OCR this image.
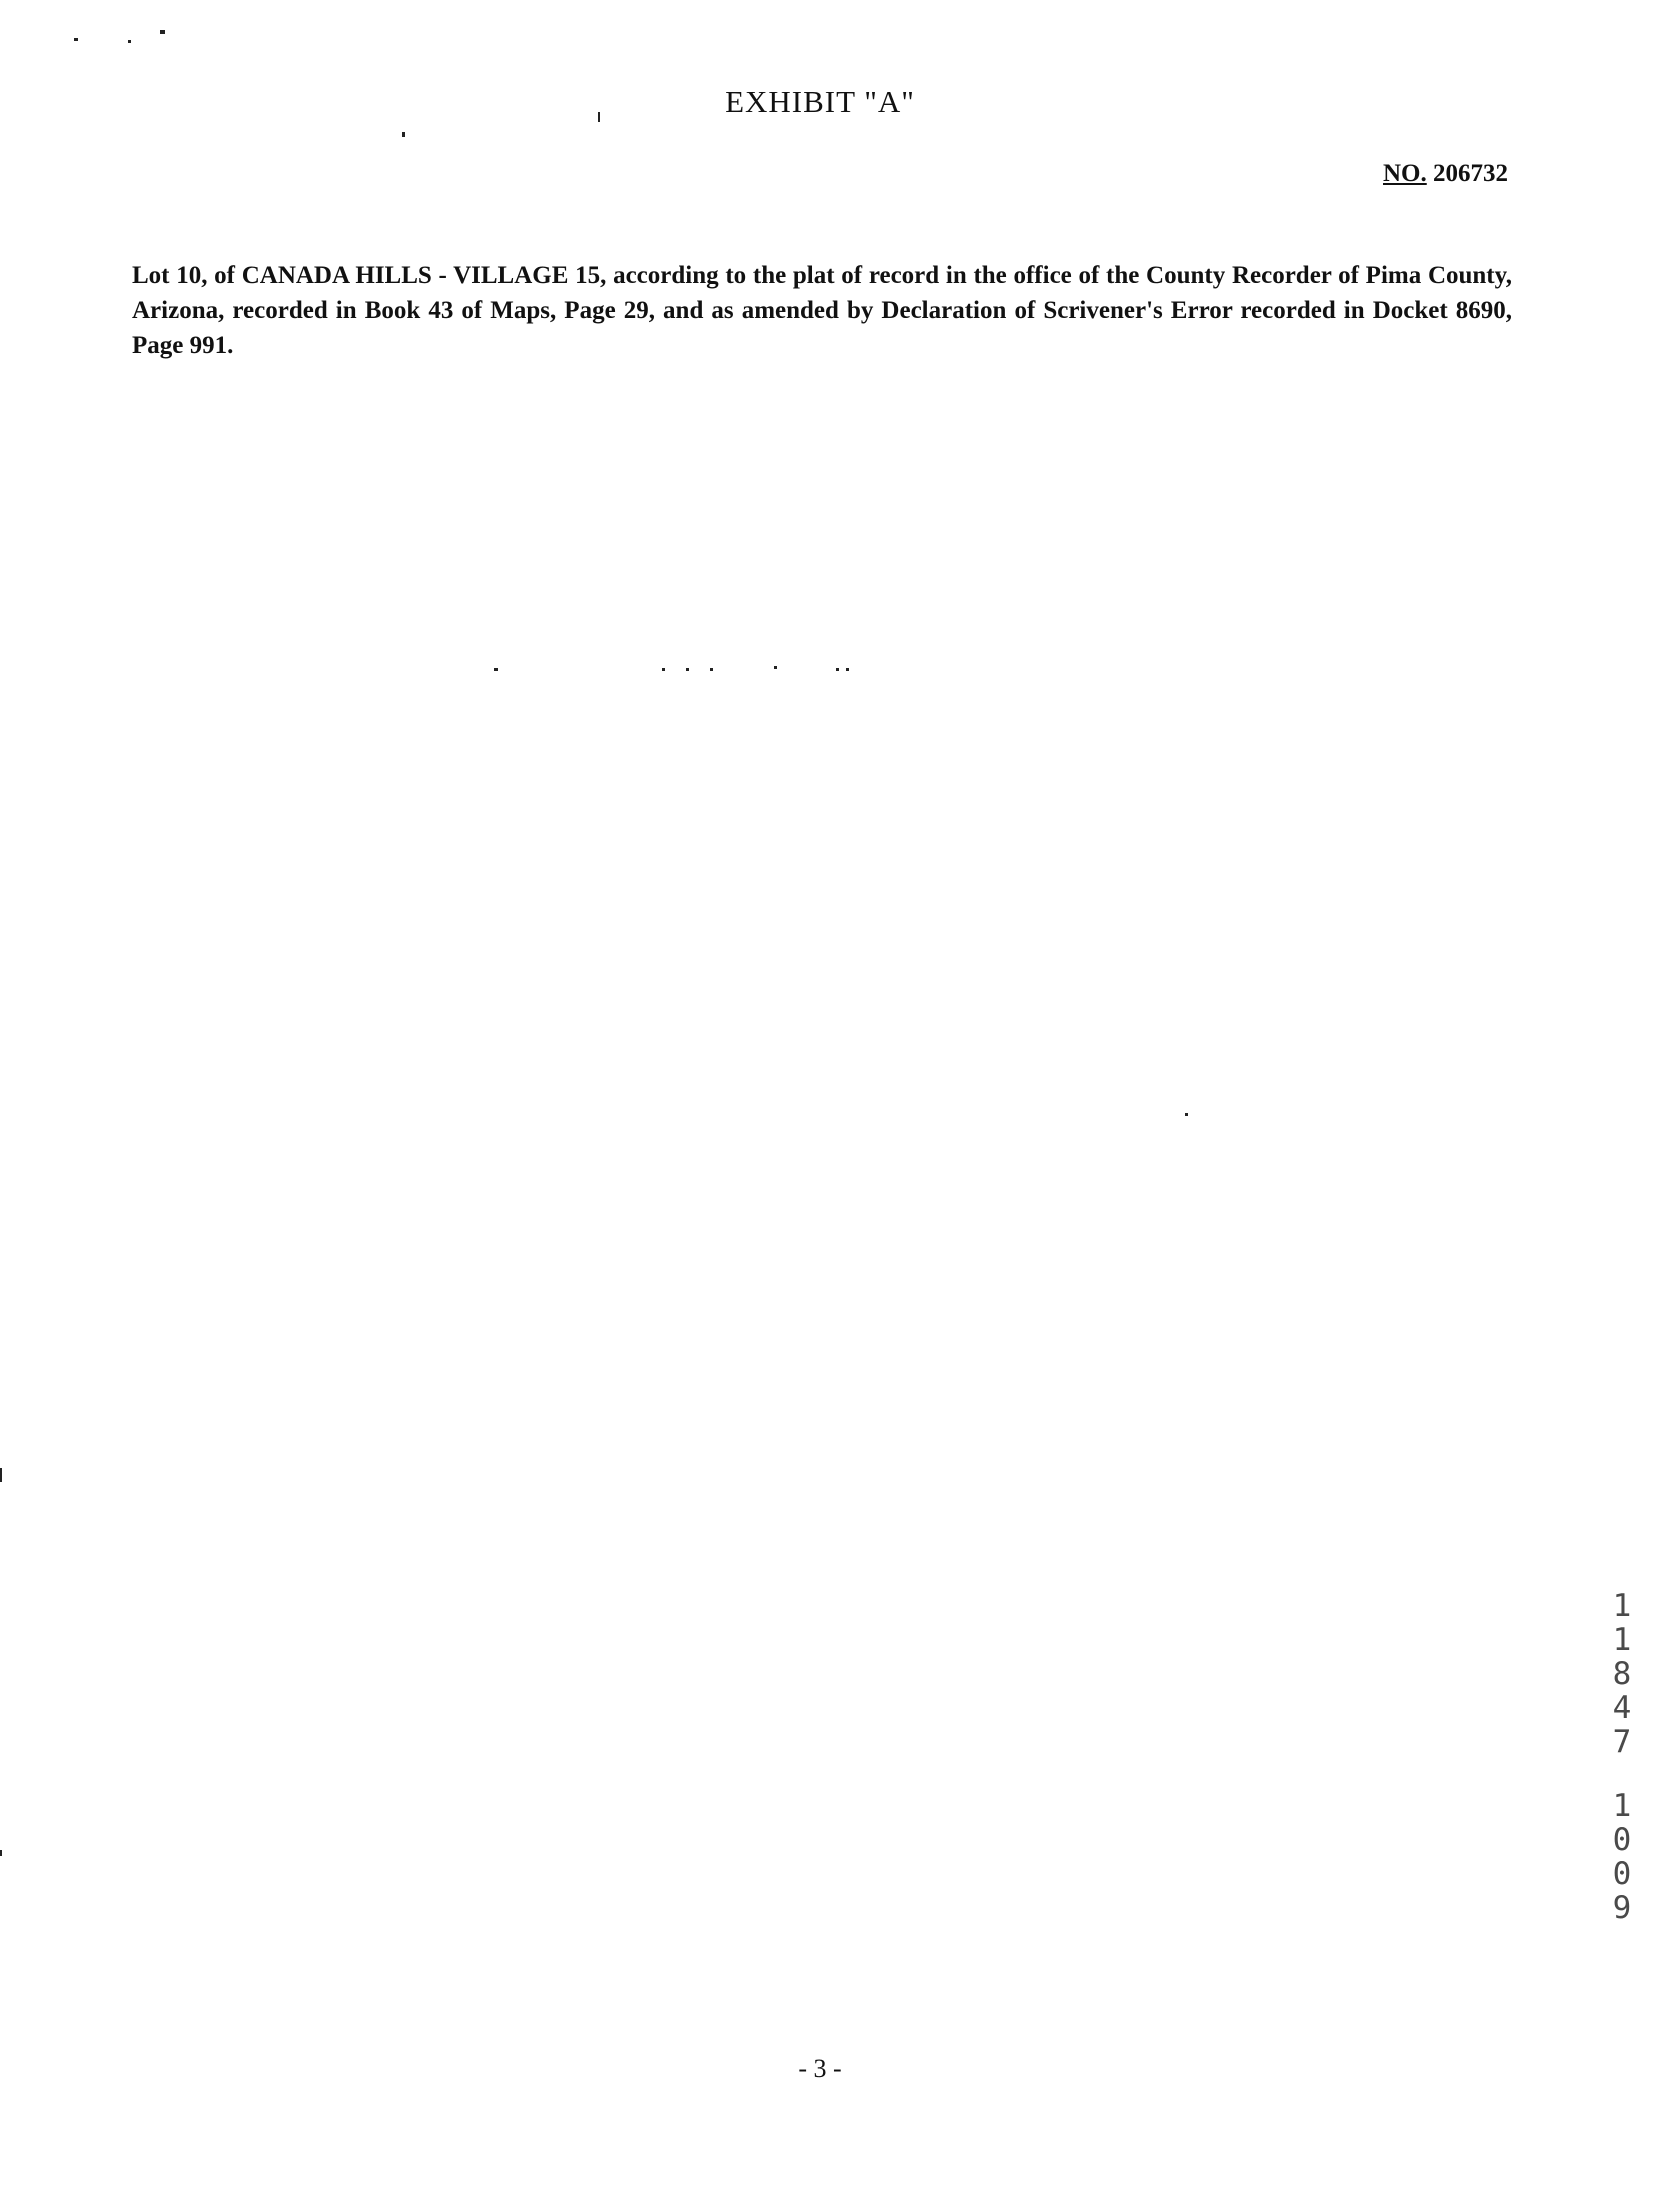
EXHIBIT "A"
NO. 206732
Lot 10, of CANADA HILLS - VILLAGE 15, according to the plat of record in the office of the County Recorder of Pima County, Arizona, recorded in Book 43 of Maps, Page 29, and as amended by Declaration of Scrivener's Error recorded in Docket 8690, Page 991.
1
1
8
4
7
1
0
0
9
- 3 -
